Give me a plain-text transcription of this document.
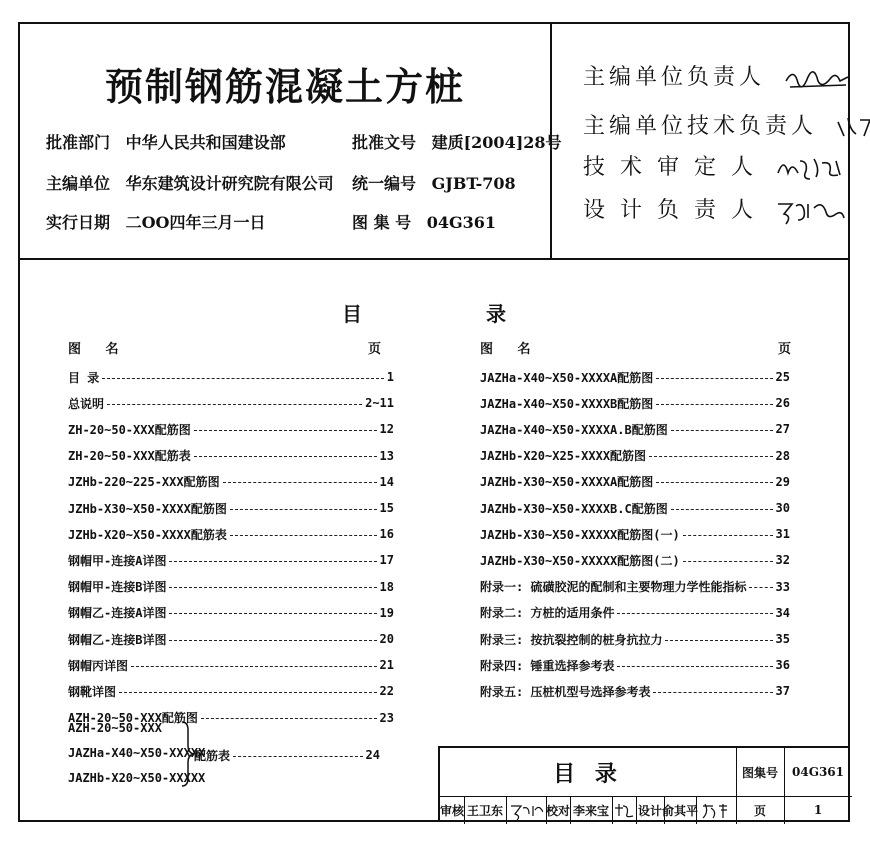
预制钢筋混凝土方桩
批准部门 中华人民共和国建设部
主编单位 华东建筑设计研究院有限公司
实行日期 二OO四年三月一日
批准文号 建质[2004]28号
统一编号 GJBT-708
图 集 号 04G361
主编单位负责人
主编单位技术负责人
技 术 审 定 人
设 计 负 责 人
目	录
图 名	页	图 名	页
目 录	1
总说明	2~11
ZH-20~50-XXX配筋图	12
ZH-20~50-XXX配筋表	13
JZHb-220~225-XXX配筋图	14
JZHb-X30~X50-XXXX配筋图	15
JZHb-X20~X50-XXXX配筋表	16
钢帽甲-连接A详图	17
钢帽甲-连接B详图	18
钢帽乙-连接A详图	19
钢帽乙-连接B详图	20
钢帽丙详图	21
钢靴详图	22
AZH-20~50-XXX配筋图	23
JAZHa-X40~X50-XXXXA配筋图	25
JAZHa-X40~X50-XXXXB配筋图	26
JAZHa-X40~X50-XXXXA.B配筋图	27
JAZHb-X20~X25-XXXX配筋图	28
JAZHb-X30~X50-XXXXA配筋图	29
JAZHb-X30~X50-XXXXB.C配筋图	30
JAZHb-X30~X50-XXXXX配筋图(一)	31
JAZHb-X30~X50-XXXXX配筋图(二)	32
附录一: 硫磺胶泥的配制和主要物理力学性能指标 33
附录二: 方桩的适用条件	34
附录三: 按抗裂控制的桩身抗拉力	35
附录四: 锤重选择参考表	36
附录五: 压桩机型号选择参考表	37
AZH-20~50-XXX
JAZHa-X40~X50-XXXXX
JAZHb-X20~X50-XXXXX
配筋表	24
目 录	图集号	04G361
审核 王卫东	校对 李来宝 设计 俞其平	页	1
